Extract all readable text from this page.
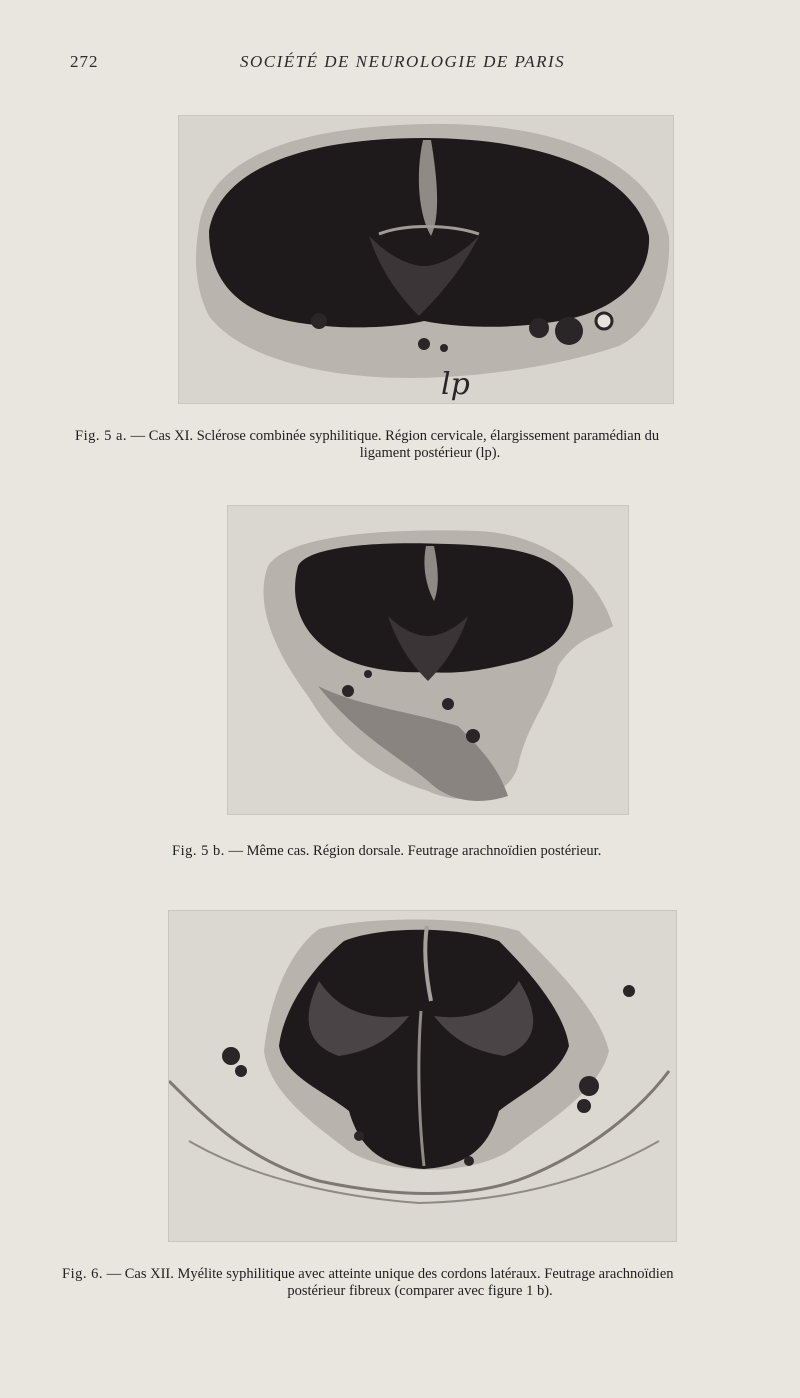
272	SOCIÉTÉ DE NEUROLOGIE DE PARIS
lp
Fig. 5 a. — Cas XI. Sclérose combinée syphilitique. Région cervicale, élargissement paramédian du
ligament postérieur (lp).
Fig. 5 b. — Même cas. Région dorsale. Feutrage arachnoïdien postérieur.
Fig. 6. — Cas XII. Myélite syphilitique avec atteinte unique des cordons latéraux. Feutrage arachnoïdien
postérieur fibreux (comparer avec figure 1 b).
